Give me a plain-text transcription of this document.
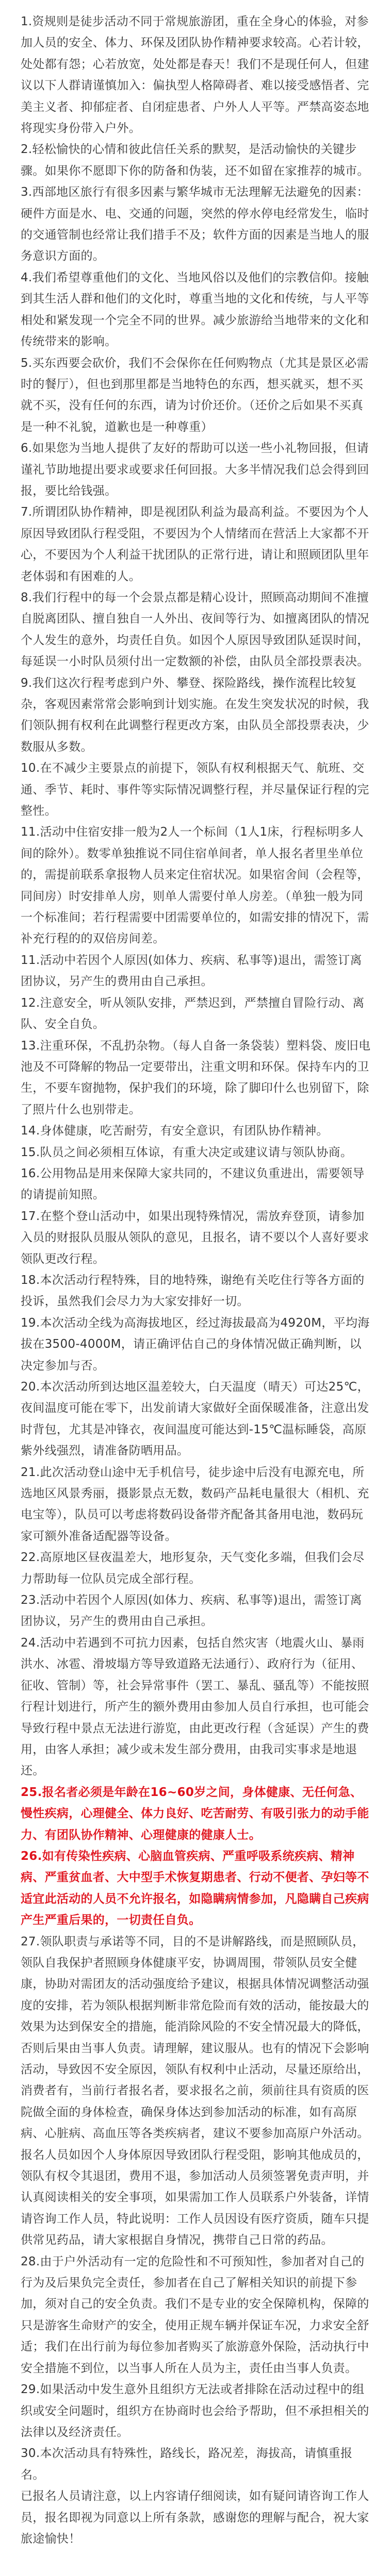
1.资规则是徒步活动不同于常规旅游团，重在全身心的体验，对参加人员的安全、体力、环保及团队协作精神要求较高。心若计较，处处都有怨；心若放宽，处处都是春天！我们不是现任何人，但建议以下人群请谨慎加入：偏执型人格障碍者、难以接受感悟者、完美主义者、抑郁症者、自闭症患者、户外人人平等。严禁高姿态地将现实身份带入户外。

2.轻松愉快的心情和彼此信任关系的默契，是活动愉快的关键步骤。如果你不愿即下你的防备和伪装，还不如留在家推荐的城市。

3.西部地区旅行有很多因素与繁华城市无法理解无法避免的因素：硬件方面是水、电、交通的问题，突然的停水停电经常发生，临时的交通管制也经常让我们措手不及；软件方面的因素是当地人的服务意识方面的。

4.我们希望尊重他们的文化、当地风俗以及他们的宗教信仰。接触到其生活人群和他们的文化时，尊重当地的文化和传统，与人平等相处和紧发现一个完全不同的世界。减少旅游给当地带来的文化和传统带来的影响。

5.买东西要会砍价，我们不会保你在任何购物点（尤其是景区必需时的餐厅），但也到那里都是当地特色的东西，想买就买，想不买就不买，没有任何的东西，请为讨价还价。（还价之后如果不买真是一种不礼貌，道歉也是一种尊重）

6.如果您为当地人提供了友好的帮助可以送一些小礼物回报，但请谨礼节助地提出要求或要求任何回报。大多半情况我们总会得到回报，要比给钱强。

7.所谓团队协作精神，即是视团队利益为最高利益。不要因为个人原因导致团队行程受阻，不要因为个人情绪而在营活上大家都不开心，不要因为个人利益干扰团队的正常行进，请让和照顾团队里年老体弱和有困难的人。

8.我们行程中的每一个会景点都是精心设计，照顾高动期间不准擅自脱离团队、擅自独自一人外出、夜间等行为、如擅离团队的情况个人发生的意外，均责任自负。如因个人原因导致团队延误时间，每延误一小时队员须付出一定数额的补偿，由队员全部投票表决。

9.我们这次行程考虑到户外、攀登、探险路线，操作流程比较复杂，客观因素常常会影响到计划实施。在发生突发状况的时候，我们领队拥有权利在此调整行程更改方案，由队员全部投票表决，少数服从多数。

10.在不减少主要景点的前提下，领队有权利根据天气、航班、交通、季节、耗时、事件等实际情况调整行程，并尽量保证行程的完整性。

11.活动中住宿安排一般为2人一个标间（1人1床，行程标明多人间的除外）。数零单独推说不同住宿单间者，单人报名者里坐单位的，需提前联系拿报物人员来定住宿状况。如果宿舍间（会程等，同间房）时安排单人房，则单人需要付单人房差。（单独一般为同一个标准间；若行程需要中团需要单位的，如需安排的情况下，需补充行程的的双倍房间差。

11.活动中若因个人原因(如体力、疾病、私事等)退出，需签订离团协议，另产生的费用由自己承担。

12.注意安全，听从领队安排，严禁迟到，严禁擅自冒险行动、离队、安全自负。

13.注重环保，不乱扔杂物。（每人自备一条袋装）塑料袋、废旧电池及不可降解的物品一定要带出，注重文明和环保。保持车内的卫生，不要车窗抛物，保护我们的环境，除了脚印什么也别留下，除了照片什么也别带走。

14.身体健康，吃苦耐劳，有安全意识，有团队协作精神。

15.队员之间必须相互体谅，有重大决定或建议请与领队协商。

16.公用物品是用来保障大家共同的，不建议负重进出，需要领导的请提前知照。

17.在整个登山活动中，如果出现特殊情况，需放弃登顶，请参加入员的财报队员服从领队的意见，且报名，请不要以个人喜好要求领队更改行程。

18.本次活动行程特殊，目的地特殊，谢绝有关吃住行等各方面的投诉，虽然我们会尽力为大家安排好一切。

19.本次活动全线为高海拔地区，经过海拔最高为4920M，平均海拔在3500-4000M，请正确评估自己的身体情况做正确判断，以决定参加与否。

20.本次活动所到达地区温差较大，白天温度（晴天）可达25℃，夜间温度可能在零下，出发前请大家做好全面保暖准备，注意出发时背包，尤其是冲锋衣，夜间温度可能达到-15℃温标睡袋，高原紫外线强烈，请准备防晒用品。

21.此次活动登山途中无手机信号，徒步途中后没有电源充电，所选地区风景秀丽，摄影景点无数，数码产品耗电量很大（相机、充电宝等），队员可以考虑将数码设备带齐配备其备用电池，数码玩家可额外准备适配器等设备。

22.高原地区昼夜温差大，地形复杂，天气变化多端，但我们会尽力帮助每一位队员完成全部行程。

23.活动中若因个人原因(如体力、疾病、私事等)退出，需签订离团协议，另产生的费用由自己承担。

24.活动中若遇到不可抗力因素，包括自然灾害（地震火山、暴雨洪水、冰雹、滑坡塌方等导致道路无法通行）、政府行为（征用、征收、管制）等，社会异常事件（罢工、暴乱、骚乱等）不能按照行程计划进行，所产生的额外费用由参加人员自行承担，也可能会导致行程中景点无法进行游览，由此更改行程（含延误）产生的费用，由客人承担；减少或未发生部分费用，由我司实事求是地退还。

25.报名者必须是年龄在16~60岁之间，身体健康、无任何急、慢性疾病，心理健全、体力良好、吃苦耐劳、有吸引张力的动手能力、有团队协作精神、心理健康的健康人士。

26.如有传染性疾病、心脑血管疾病、严重呼吸系统疾病、精神病、严重贫血者、大中型手术恢复期患者、行动不便者、孕妇等不适宜此活动的人员不允许报名，如隐瞒病情参加，凡隐瞒自己疾病产生严重后果的，一切责任自负。

27.领队职责与承诺等不同，目的不是讲解路线，而是照顾队员，领队自我保护者照顾身体健康平安，协调周围，带领队员安全健康，协助对需团友的活动强度给予建议，根据具体情况调整活动强度的安排，若为领队根据判断非常危险而有效的活动，能按最大的效果为达到保安全的措施，能消除风险的不安全情况最大的降低，否则后果由当事人负责。请理解，建议服从。也有的情况下会影响活动，导致因不安全原因，领队有权利中止活动，尽量还原给出，消费者有，当前行者报名者，要求报名之前，须前往具有资质的医院做全面的身体检查，确保身体达到参加活动的标准，如有高原病、心脏病、高血压等各类疾病者，建议不要参加高原户外活动。报名人员如因个人身体原因导致团队行程受阻，影响其他成员的，领队有权令其退团，费用不退，参加活动人员须签署免责声明，并认真阅读相关的安全事项，如果需加工作人员联系户外装备，详情请咨询工作人员，特此说明：工作人员因设有医疗资质，随车只提供常见药品，请大家根据自身情况，携带自己日常的药品。

28.由于户外活动有一定的危险性和不可预知性，参加者对自己的行为及后果负完全责任，参加者在自己了解相关知识的前提下参加，须对自己的安全负责。我们不是专业的安全保障机构，保障的只是游客生命财产的安全，使用正规车辆并保证车况，力求安全舒适；我们在出行前为每位参加者购买了旅游意外保险，活动执行中安全措施不到位，以当事人所在人员为主，责任由当事人负责。

29.如果活动中发生意外且组织方无法或者排除在活动过程中的组织或安全问题时，组织方在协商时也会给予帮助，但不承担相关的法律以及经济责任。

30.本次活动具有特殊性，路线长，路况差，海拔高，请慎重报名。

已报名人员请注意，以上内容请仔细阅读，如有疑问请咨询工作人员，报名即视为同意以上所有条款，感谢您的理解与配合，祝大家旅途愉快！
